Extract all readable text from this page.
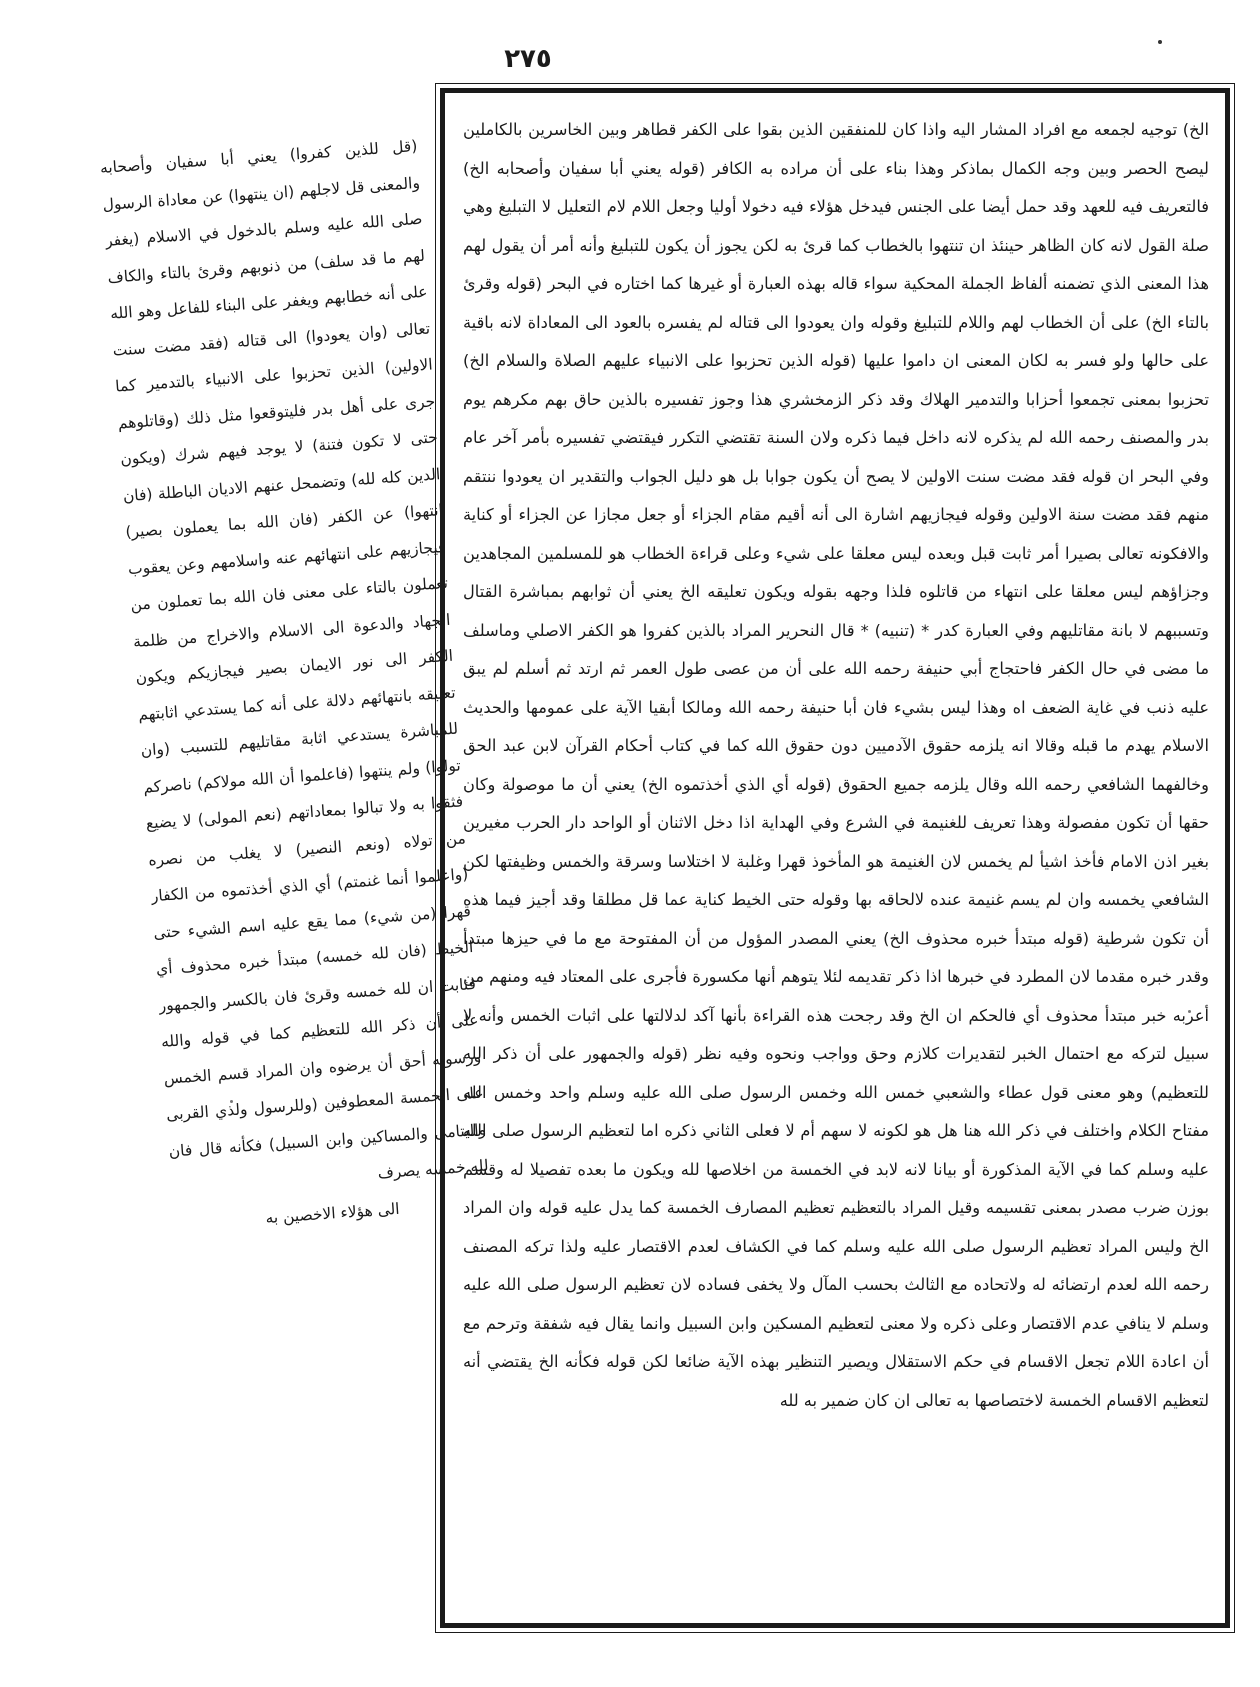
٢٧٥

الخ) توجيه لجمعه مع افراد المشار اليه واذا كان للمنفقين الذين بقوا على الكفر قطاهر وبين الخاسرين بالكاملين ليصح الحصر وبين وجه الكمال بماذكر وهذا بناء على أن مراده به الكافر (قوله يعني أبا سفيان وأصحابه الخ) فالتعريف فيه للعهد وقد حمل أيضا على الجنس فيدخل هؤلاء فيه دخولا أوليا وجعل اللام لام التعليل لا التبليغ وهي صلة القول لانه كان الظاهر حينئذ ان تنتهوا بالخطاب كما قرئ به لكن يجوز أن يكون للتبليغ وأنه أمر أن يقول لهم هذا المعنى الذي تضمنه ألفاظ الجملة المحكية سواء قاله بهذه العبارة أو غيرها كما اختاره في البحر (قوله وقرئ بالتاء الخ) على أن الخطاب لهم واللام للتبليغ وقوله وان يعودوا الى قتاله لم يفسره بالعود الى المعاداة لانه باقية على حالها ولو فسر به لكان المعنى ان داموا عليها (قوله الذين تحزبوا على الانبياء عليهم الصلاة والسلام الخ) تحزبوا بمعنى تجمعوا أحزابا والتدمير الهلاك وقد ذكر الزمخشري هذا وجوز تفسيره بالذين حاق بهم مكرهم يوم بدر والمصنف رحمه الله لم يذكره لانه داخل فيما ذكره ولان السنة تقتضي التكرر فيقتضي تفسيره بأمر آخر عام وفي البحر ان قوله فقد مضت سنت الاولين لا يصح أن يكون جوابا بل هو دليل الجواب والتقدير ان يعودوا ننتقم منهم فقد مضت سنة الاولين وقوله فيجازيهم اشارة الى أنه أقيم مقام الجزاء أو جعل مجازا عن الجزاء أو كناية والافكونه تعالى بصيرا أمر ثابت قبل وبعده ليس معلقا على شيء وعلى قراءة الخطاب هو للمسلمين المجاهدين وجزاؤهم ليس معلقا على انتهاء من قاتلوه فلذا وجهه بقوله ويكون تعليقه الخ يعني أن ثوابهم بمباشرة القتال وتسببهم لا بانة مقاتليهم وفي العبارة كدر * (تنبيه) * قال النحرير المراد بالذين كفروا هو الكفر الاصلي وماسلف ما مضى في حال الكفر فاحتجاج أبي حنيفة رحمه الله على أن من عصى طول العمر ثم ارتد ثم أسلم لم يبق عليه ذنب في غاية الضعف اه وهذا ليس بشيء فان أبا حنيفة رحمه الله ومالكا أبقيا الآية على عمومها والحديث الاسلام يهدم ما قبله وقالا انه يلزمه حقوق الآدميين دون حقوق الله كما في كتاب أحكام القرآن لابن عبد الحق وخالفهما الشافعي رحمه الله وقال يلزمه جميع الحقوق (قوله أي الذي أخذتموه الخ) يعني أن ما موصولة وكان حقها أن تكون مفصولة وهذا تعريف للغنيمة في الشرع وفي الهداية اذا دخل الاثنان أو الواحد دار الحرب مغيرين بغير اذن الامام فأخذ اشيأ لم يخمس لان الغنيمة هو المأخوذ قهرا وغلبة لا اختلاسا وسرقة والخمس وظيفتها لكن الشافعي يخمسه وان لم يسم غنيمة عنده لالحاقه بها وقوله حتى الخيط كناية عما قل مطلقا وقد أجيز فيما هذه أن تكون شرطية (قوله مبتدأ خبره محذوف الخ) يعني المصدر المؤول من أن المفتوحة مع ما في حيزها مبتدأ وقدر خبره مقدما لان المطرد في خبرها اذا ذكر تقديمه لئلا يتوهم أنها مكسورة فأجرى على المعتاد فيه ومنهم من أعربه خبر مبتدأ محذوف أي فالحكم ان الخ وقد رجحت هذه القراءة بأنها آكد لدلالتها على اثبات الخمس وأنه لا سبيل لتركه مع احتمال الخبر لتقديرات كلازم وحق وواجب ونحوه وفيه نظر (قوله والجمهور على أن ذكر الله للتعظيم) وهو معنى قول عطاء والشعبي خمس الله وخمس الرسول صلى الله عليه وسلم واحد وخمس الله مفتاح الكلام واختلف في ذكر الله هنا هل هو لكونه لا سهم أم لا فعلى الثاني ذكره اما لتعظيم الرسول صلى الله عليه وسلم كما في الآية المذكورة أو بيانا لانه لابد في الخمسة من اخلاصها لله ويكون ما بعده تفصيلا له وقسم بوزن ضرب مصدر بمعنى تقسيمه وقيل المراد بالتعظيم تعظيم المصارف الخمسة كما يدل عليه قوله وان المراد الخ وليس المراد تعظيم الرسول صلى الله عليه وسلم كما في الكشاف لعدم الاقتصار عليه ولذا تركه المصنف رحمه الله لعدم ارتضائه له ولاتحاده مع الثالث بحسب المآل ولا يخفى فساده لان تعظيم الرسول صلى الله عليه وسلم لا ينافي عدم الاقتصار وعلى ذكره ولا معنى لتعظيم المسكين وابن السبيل وانما يقال فيه شفقة وترحم مع أن اعادة اللام تجعل الاقسام في حكم الاستقلال ويصير التنظير بهذه الآية ضائعا لكن قوله فكأنه الخ يقتضي أنه لتعظيم الاقسام الخمسة لاختصاصها به تعالى ان كان ضمير به لله

(قل للذين كفروا) يعني أبا سفيان وأصحابه والمعنى قل لاجلهم (ان ينتهوا) عن معاداة الرسول صلى الله عليه وسلم بالدخول في الاسلام (يغفر لهم ما قد سلف) من ذنوبهم وقرئ بالتاء والكاف على أنه خطابهم ويغفر على البناء للفاعل وهو الله تعالى (وان يعودوا) الى قتاله (فقد مضت سنت الاولين) الذين تحزبوا على الانبياء بالتدمير كما جرى على أهل بدر فليتوقعوا مثل ذلك (وقاتلوهم حتى لا تكون فتنة) لا يوجد فيهم شرك (ويكون الدين كله لله) وتضمحل عنهم الاديان الباطلة (فان انتهوا) عن الكفر (فان الله بما يعملون بصير) فيجازيهم على انتهائهم عنه واسلامهم وعن يعقوب تعملون بالتاء على معنى فان الله بما تعملون من الجهاد والدعوة الى الاسلام والاخراج من ظلمة الكفر الى نور الايمان بصير فيجازيكم ويكون تعليقه بانتهائهم دلالة على أنه كما يستدعي اثابتهم للمباشرة يستدعي اثابة مقاتليهم للتسبب (وان تولوا) ولم ينتهوا (فاعلموا أن الله مولاكم) ناصركم فثقوا به ولا تبالوا بمعاداتهم (نعم المولى) لا يضيع من تولاه (ونعم النصير) لا يغلب من نصره (واعلموا أنما غنمتم) أي الذي أخذتموه من الكفار قهرا (من شيء) مما يقع عليه اسم الشيء حتى الخيط (فان لله خمسه) مبتدأ خبره محذوف أي فثابت ان لله خمسه وقرئ فان بالكسر والجمهور على أن ذكر الله للتعظيم كما في قوله والله ورسوله أحق أن يرضوه وان المراد قسم الخمس على الخمسة المعطوفين (وللرسول ولذي القربى واليتامى والمساكين وابن السبيل) فكأنه قال فان لله خمسه يصرف

الى هؤلاء الاخصين به
